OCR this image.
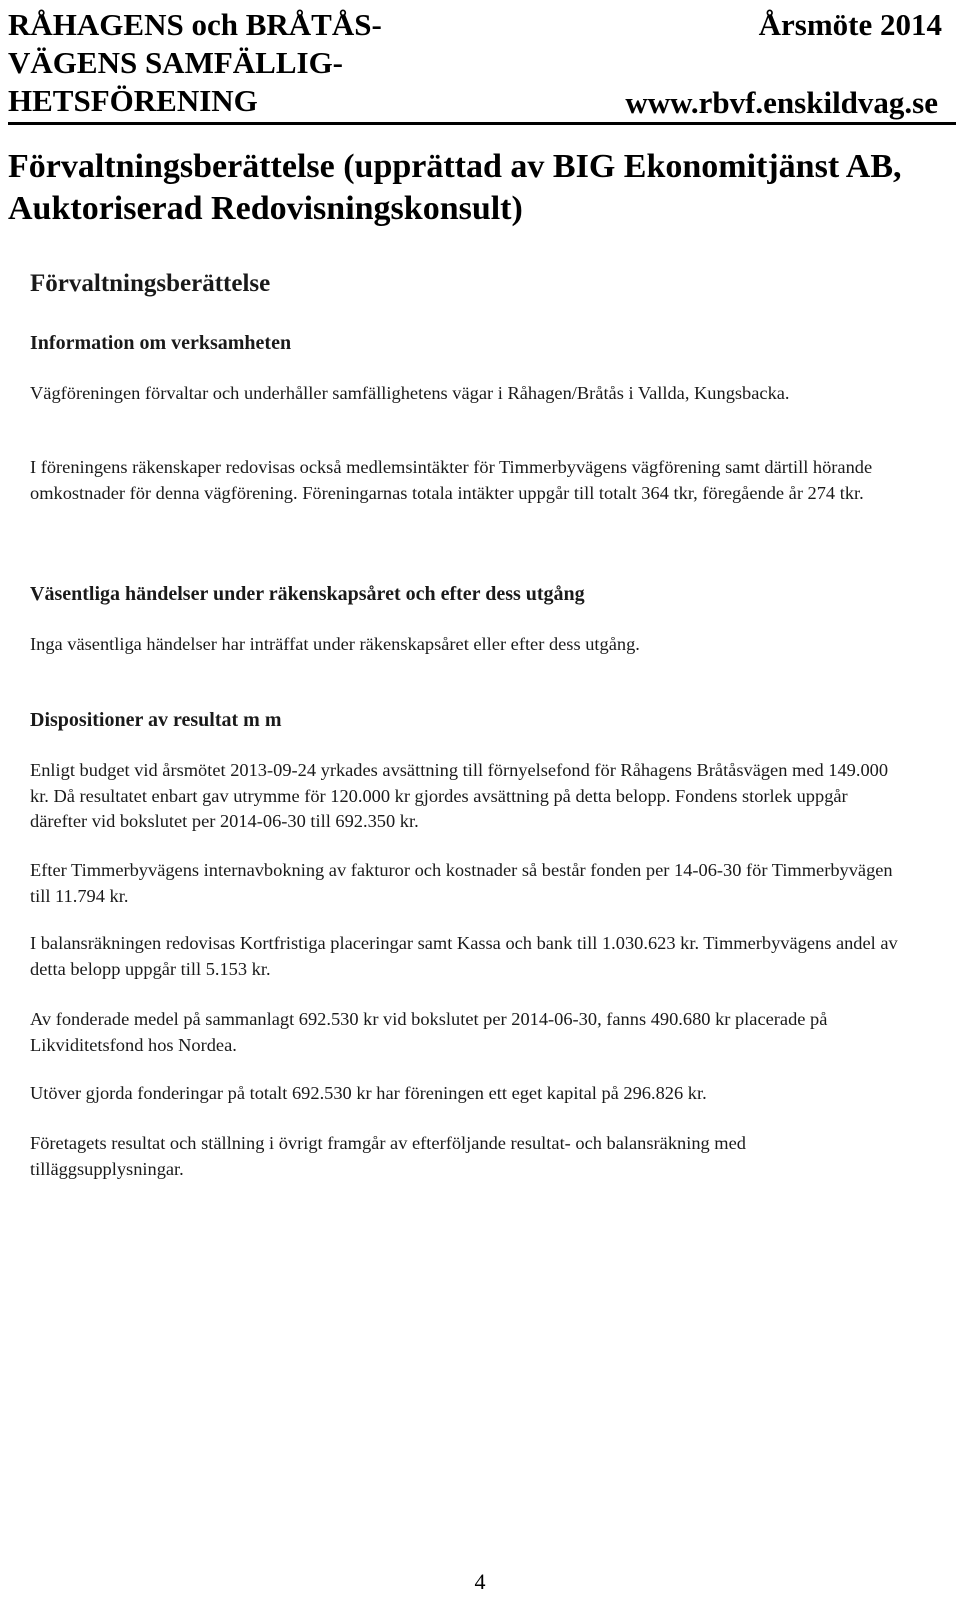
RÅHAGENS och BRÅTÅS-VÄGENS SAMFÄLLIG-HETSFÖRENING
Årsmöte 2014
www.rbvf.enskildvag.se
Förvaltningsberättelse (upprättad av BIG Ekonomitjänst AB, Auktoriserad Redovisningskonsult)
Förvaltningsberättelse
Information om verksamheten

Vägföreningen förvaltar och underhåller samfällighetens vägar i Råhagen/Bråtås i Vallda, Kungsbacka.

I föreningens räkenskaper redovisas också medlemsintäkter för Timmerbyvägens vägförening samt därtill hörande omkostnader för denna vägförening. Föreningarnas totala intäkter uppgår till totalt 364 tkr, föregående år 274 tkr.

Väsentliga händelser under räkenskapsåret och efter dess utgång

Inga väsentliga händelser har inträffat under räkenskapsåret eller efter dess utgång.

Dispositioner av resultat m m

Enligt budget vid årsmötet 2013-09-24 yrkades avsättning till förnyelsefond för Råhagens Bråtåsvägen med 149.000 kr. Då resultatet enbart gav utrymme för 120.000 kr gjordes avsättning på detta belopp. Fondens storlek uppgår därefter vid bokslutet per 2014-06-30 till 692.350 kr.

Efter Timmerbyvägens internavbokning av fakturor och kostnader så består fonden per 14-06-30 för Timmerbyvägen till 11.794 kr.

I balansräkningen redovisas Kortfristiga placeringar samt Kassa och bank till 1.030.623 kr. Timmerbyvägens andel av detta belopp uppgår till 5.153 kr.

Av fonderade medel på sammanlagt 692.530 kr vid bokslutet per 2014-06-30, fanns 490.680 kr placerade på Likviditetsfond hos Nordea.

Utöver gjorda fonderingar på totalt 692.530 kr har föreningen ett eget kapital på 296.826 kr.

Företagets resultat och ställning i övrigt framgår av efterföljande resultat- och balansräkning med tilläggsupplysningar.

4
